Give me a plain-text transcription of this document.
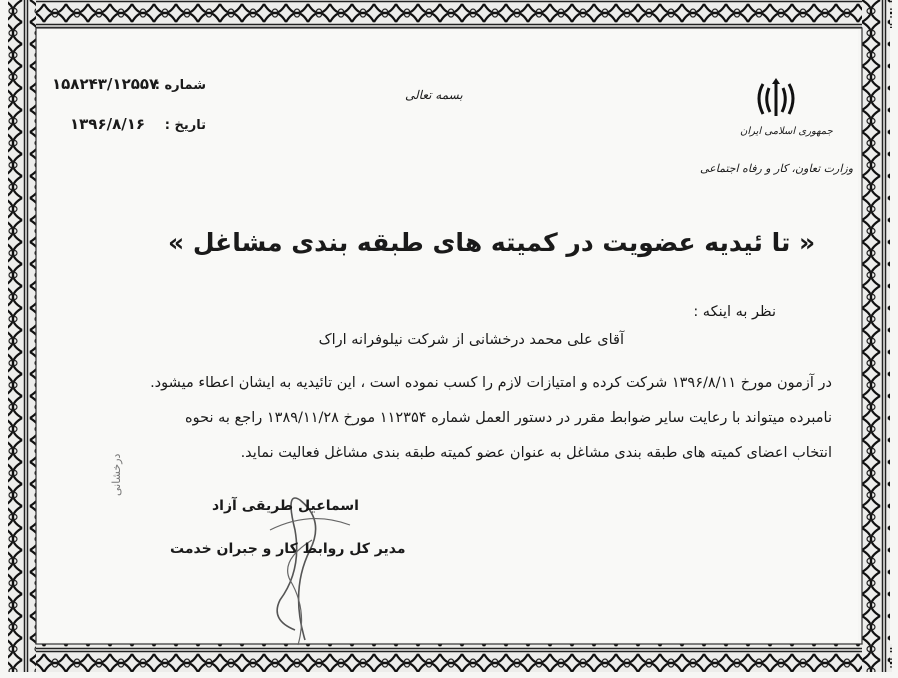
بسمه تعالی
شماره :
۱۵۸۲۴۳/۱۲۵۵۷
تاریخ :
۱۳۹۶/۸/۱۶	جمهوری اسلامی ایران
وزارت تعاون، کار و رفاه اجتماعی
« تا ئیدیه عضویت در کمیته های طبقه بندی مشاغل »
نظر به اینکه :
آقای علی محمد درخشانی از شرکت نیلوفرانه اراک
در آزمون مورخ ۱۳۹۶/۸/۱۱ شرکت کرده و امتیازات لازم را کسب نموده است ، این تائیدیه به ایشان اعطاء میشود.
نامبرده میتواند با رعایت سایر ضوابط مقرر در دستور العمل شماره ۱۱۲۳۵۴ مورخ ۱۳۸۹/۱۱/۲۸ راجع به نحوه
انتخاب اعضای کمیته های طبقه بندی مشاغل به عنوان عضو کمیته طبقه بندی مشاغل فعالیت نماید.
درخشانی
اسماعیل طریقی آزاد
مدیر کل روابط کار و جبران خدمت
